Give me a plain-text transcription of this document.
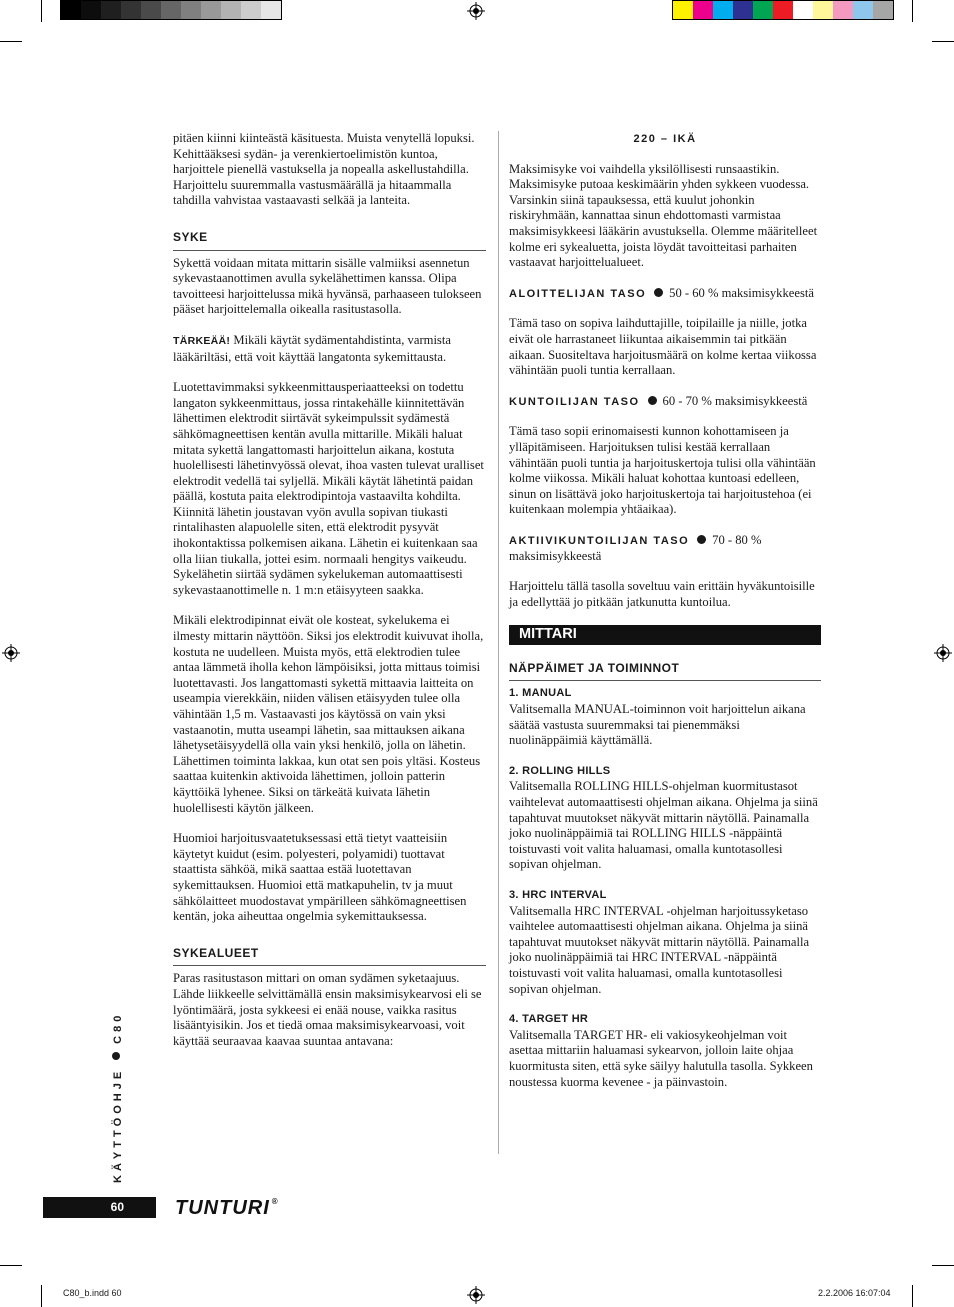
pitäen kiinni kiinteästä käsituesta. Muista venytellä lopuksi. Kehittääksesi sydän- ja verenkiertoelimistön kuntoa, harjoittele pienellä vastuksella ja nopealla askellustahdilla. Harjoittelu suuremmalla vastusmäärällä ja hitaammalla tahdilla vahvistaa vastaavasti selkää ja lanteita.
SYKE
Sykettä voidaan mitata mittarin sisälle valmiiksi asennetun sykevastaanottimen avulla sykelähettimen kanssa. Olipa tavoitteesi harjoittelussa mikä hyvänsä, parhaaseen tulokseen pääset harjoittelemalla oikealla rasitustasolla.
TÄRKEÄÄ! Mikäli käytät sydämentahdistinta, varmista lääkäriltäsi, että voit käyttää langatonta sykemittausta.
Luotettavimmaksi sykkeenmittausperiaatteeksi on todettu langaton sykkeenmittaus, jossa rintakehälle kiinnitettävän lähettimen elektrodit siirtävät sykeimpulssit sydämestä sähkömagneettisen kentän avulla mittarille. Mikäli haluat mitata sykettä langattomasti harjoittelun aikana, kostuta huolellisesti lähetinvyössä olevat, ihoa vasten tulevat uralliset elektrodit vedellä tai syljellä. Mikäli käytät lähetintä paidan päällä, kostuta paita elektrodipintoja vastaavilta kohdilta. Kiinnitä lähetin joustavan vyön avulla sopivan tiukasti rintalihasten alapuolelle siten, että elektrodit pysyvät ihokontaktissa polkemisen aikana. Lähetin ei kuitenkaan saa olla liian tiukalla, jottei esim. normaali hengitys vaikeudu. Sykelähetin siirtää sydämen sykelukeman automaattisesti sykevastaanottimelle n. 1 m:n etäisyyteen saakka.
Mikäli elektrodipinnat eivät ole kosteat, sykelukema ei ilmesty mittarin näyttöön. Siksi jos elektrodit kuivuvat iholla, kostuta ne uudelleen. Muista myös, että elektrodien tulee antaa lämmetä iholla kehon lämpöisiksi, jotta mittaus toimisi luotettavasti. Jos langattomasti sykettä mittaavia laitteita on useampia vierekkäin, niiden välisen etäisyyden tulee olla vähintään 1,5 m. Vastaavasti jos käytössä on vain yksi vastaanotin, mutta useampi lähetin, saa mittauksen aikana lähetysetäisyydellä olla vain yksi henkilö, jolla on lähetin. Lähettimen toiminta lakkaa, kun otat sen pois yltäsi. Kosteus saattaa kuitenkin aktivoida lähettimen, jolloin patterin käyttöikä lyhenee. Siksi on tärkeätä kuivata lähetin huolellisesti käytön jälkeen.
Huomioi harjoitusvaatetuksessasi että tietyt vaatteisiin käytetyt kuidut (esim. polyesteri, polyamidi) tuottavat staattista sähköä, mikä saattaa estää luotettavan sykemittauksen. Huomioi että matkapuhelin, tv ja muut sähkölaitteet muodostavat ympärilleen sähkömagneettisen kentän, joka aiheuttaa ongelmia sykemittauksessa.
SYKEALUEET
Paras rasitustason mittari on oman sydämen syketaajuus. Lähde liikkeelle selvittämällä ensin maksimisykearvosi eli se lyöntimäärä, josta sykkeesi ei enää nouse, vaikka rasitus lisääntyisikin. Jos et tiedä omaa maksimisykearvoasi, voit käyttää seuraavaa kaavaa suuntaa antavana:
220 – IKÄ
Maksimisyke voi vaihdella yksilöllisesti runsaastikin. Maksimisyke putoaa keskimäärin yhden sykkeen vuodessa. Varsinkin siinä tapauksessa, että kuulut johonkin riskiryhmään, kannattaa sinun ehdottomasti varmistaa maksimisykkeesi lääkärin avustuksella. Olemme määritelleet kolme eri sykealuetta, joista löydät tavoitteitasi parhaiten vastaavat harjoittelualueet.
ALOITTELIJAN TASO 50 - 60 % maksimisykkeestä
Tämä taso on sopiva laihduttajille, toipilaille ja niille, jotka eivät ole harrastaneet liikuntaa aikaisemmin tai pitkään aikaan. Suositeltava harjoitusmäärä on kolme kertaa viikossa vähintään puoli tuntia kerrallaan.
KUNTOILIJAN TASO 60 - 70 % maksimisykkeestä
Tämä taso sopii erinomaisesti kunnon kohottamiseen ja ylläpitämiseen. Harjoituksen tulisi kestää kerrallaan vähintään puoli tuntia ja harjoituskertoja tulisi olla vähintään kolme viikossa. Mikäli haluat kohottaa kuntoasi edelleen, sinun on lisättävä joko harjoituskertoja tai harjoitustehoa (ei kuitenkaan molempia yhtäaikaa).
AKTIIVIKUNTOILIJAN TASO 70 - 80 % maksimisykkeestä
Harjoittelu tällä tasolla soveltuu vain erittäin hyväkuntoisille ja edellyttää jo pitkään jatkunutta kuntoilua.
MITTARI
NÄPPÄIMET JA TOIMINNOT
1. MANUAL
Valitsemalla MANUAL-toiminnon voit harjoittelun aikana säätää vastusta suuremmaksi tai pienemmäksi nuolinäppäimiä käyttämällä.
2. ROLLING HILLS
Valitsemalla ROLLING HILLS-ohjelman kuormitustasot vaihtelevat automaattisesti ohjelman aikana. Ohjelma ja siinä tapahtuvat muutokset näkyvät mittarin näytöllä. Painamalla joko nuolinäppäimiä tai ROLLING HILLS -näppäintä toistuvasti voit valita haluamasi, omalla kuntotasollesi sopivan ohjelman.
3. HRC INTERVAL
Valitsemalla HRC INTERVAL -ohjelman harjoitussyketaso vaihtelee automaattisesti ohjelman aikana. Ohjelma ja siinä tapahtuvat muutokset näkyvät mittarin näytöllä. Painamalla joko nuolinäppäimiä tai HRC INTERVAL -näppäintä toistuvasti voit valita haluamasi, omalla kuntotasollesi sopivan ohjelman.
4. TARGET HR
Valitsemalla TARGET HR- eli vakiosykeohjelman voit asettaa mittariin haluamasi sykearvon, jolloin laite ohjaa kuormitusta siten, että syke säilyy halutulla tasolla. Sykkeen noustessa kuorma kevenee - ja päinvastoin.
KÄYTTÖOHJEC80
60	TUNTURI ®
C80_b.indd 60	2.2.2006 16:07:04
